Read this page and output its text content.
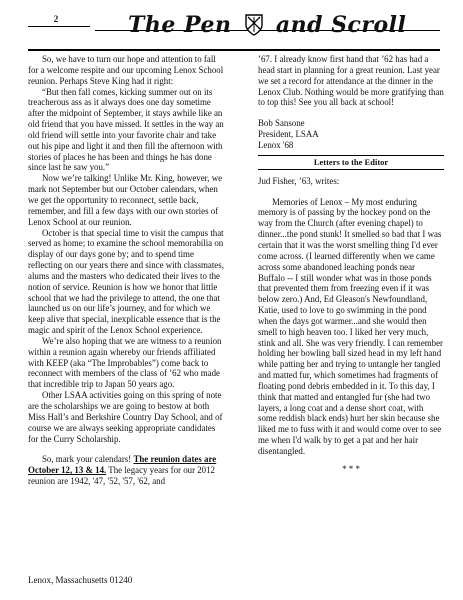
2	The Pen and Scroll

So, we have to turn our hope and attention to fall for a welcome respite and our upcoming Lenox School reunion. Perhaps Steve King had it right:

“But then fall comes, kicking summer out on its treacherous ass as it always does one day sometime after the midpoint of September, it stays awhile like an old friend that you have missed. It settles in the way an old friend will settle into your favorite chair and take out his pipe and light it and then fill the afternoon with stories of places he has been and things he has done since last he saw you.”

Now we’re talking! Unlike Mr. King, however, we mark not September but our October calendars, when we get the opportunity to reconnect, settle back, remember, and fill a few days with our own stories of Lenox School at our reunion.

October is that special time to visit the campus that served as home; to examine the school memorabilia on display of our days gone by; and to spend time reflecting on our years there and since with classmates, alums and the masters who dedicated their lives to the notion of service. Reunion is how we honor that little school that we had the privilege to attend, the one that launched us on our life’s journey, and for which we keep alive that special, inexplicable essence that is the magic and spirit of the Lenox School experience.

We’re also hoping that we are witness to a reunion within a reunion again whereby our friends affiliated with KEEP (aka “The Improbables”) come back to reconnect with members of the class of ’62 who made that incredible trip to Japan 50 years ago.

Other LSAA activities going on this spring of note are the scholarships we are going to bestow at both Miss Hall’s and Berkshire Country Day School, and of course we are always seeking appropriate candidates for the Curry Scholarship.

So, mark your calendars! The reunion dates are October 12, 13 & 14. The legacy years for our 2012 reunion are 1942, '47, '52, '57, '62, and

’67. I already know first hand that ’62 has had a head start in planning for a great reunion. Last year we set a record for attendance at the dinner in the Lenox Club. Nothing would be more gratifying than to top this! See you all back at school!

Bob Sansone

President, LSAA

Lenox '68

Letters to the Editor

Jud Fisher, ’63, writes:

Memories of Lenox – My most enduring memory is of passing by the hockey pond on the way from the Church (after evening chapel) to dinner...the pond stunk! It smelled so bad that I was certain that it was the worst smelling thing I'd ever come across. (I learned differently when we came across some abandoned leaching ponds near Buffalo -- I still wonder what was in those ponds that prevented them from freezing even if it was below zero.) And, Ed Gleason's Newfoundland, Katie, used to love to go swimming in the pond when the days got warmer...and she would then smell to high heaven too. I liked her very much, stink and all. She was very friendly. I can remember holding her bowling ball sized head in my left hand while patting her and trying to untangle her tangled and matted fur, which sometimes had fragments of floating pond debris embedded in it. To this day, I think that matted and entangled fur (she had two layers, a long coat and a dense short coat, with some reddish black ends) hurt her skin because she liked me to fuss with it and would come over to see me when I'd walk by to get a pat and her hair disentangled.

* * *
Lenox, Massachusetts 01240
